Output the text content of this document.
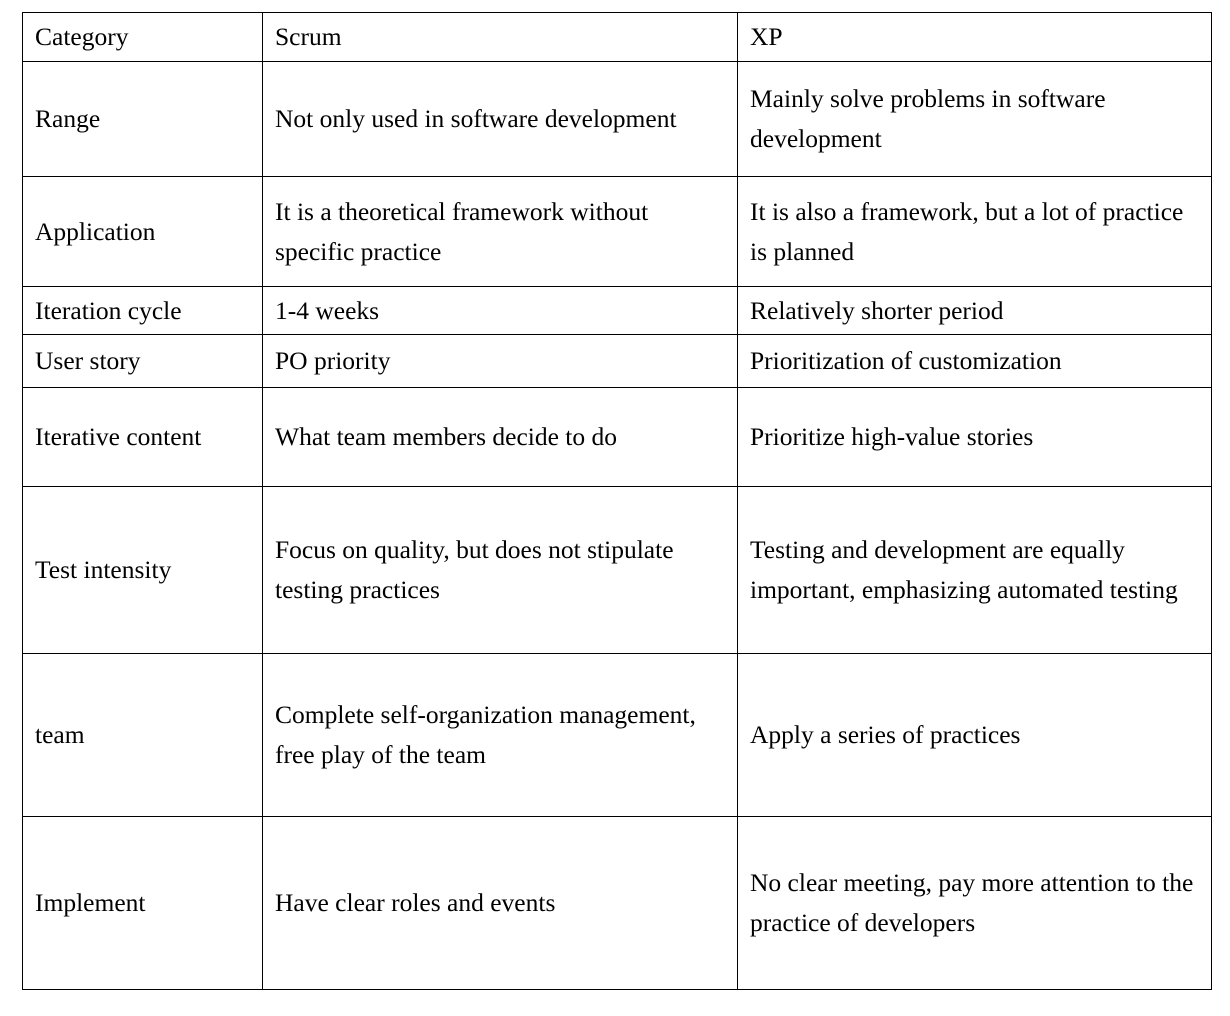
Category	Scrum	XP
Range	Not only used in software development	Mainly solve problems in software development
Application	It is a theoretical framework without specific practice	It is also a framework, but a lot of practice is planned
Iteration cycle	1-4 weeks	Relatively shorter period
User story	PO priority	Prioritization of customization
Iterative content	What team members decide to do	Prioritize high-value stories
Test intensity	Focus on quality, but does not stipulate testing practices	Testing and development are equally important, emphasizing automated testing
team	Complete self-organization management, free play of the team	Apply a series of practices
Implement	Have clear roles and events	No clear meeting, pay more attention to the practice of developers
